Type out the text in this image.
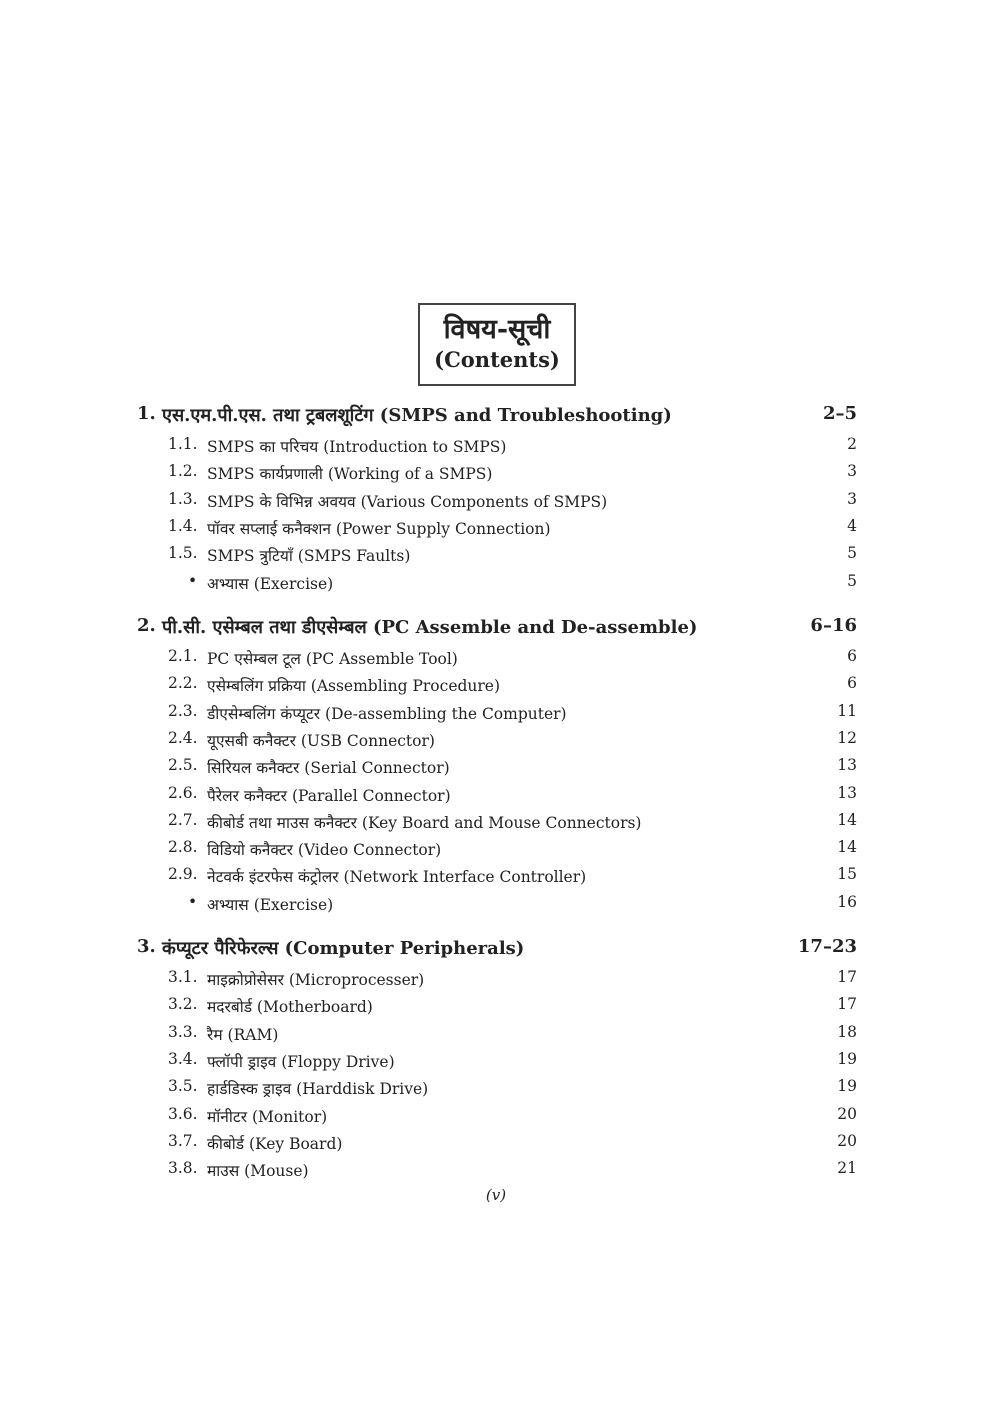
विषय-सूची
(Contents)
1. एस.एम.पी.एस. तथा ट्रबलशूटिंग (SMPS and Troubleshooting)	2–5
1.1. SMPS का परिचय (Introduction to SMPS)	2
1.2. SMPS कार्यप्रणाली (Working of a SMPS)	3
1.3. SMPS के विभिन्न अवयव (Various Components of SMPS)	3
1.4. पॉवर सप्लाई कनैक्शन (Power Supply Connection)	4
1.5. SMPS त्रुटियाँ (SMPS Faults)	5
• अभ्यास (Exercise)	5
2. पी.सी. एसेम्बल तथा डीएसेम्बल (PC Assemble and De-assemble)	6–16
2.1. PC एसेम्बल टूल (PC Assemble Tool)	6
2.2. एसेम्बलिंग प्रक्रिया (Assembling Procedure)	6
2.3. डीएसेम्बलिंग कंप्यूटर (De-assembling the Computer)	11
2.4. यूएसबी कनैक्टर (USB Connector)	12
2.5. सिरियल कनैक्टर (Serial Connector)	13
2.6. पैरेलर कनैक्टर (Parallel Connector)	13
2.7. कीबोर्ड तथा माउस कनैक्टर (Key Board and Mouse Connectors)	14
2.8. विडियो कनैक्टर (Video Connector)	14
2.9. नेटवर्क इंटरफेस कंट्रोलर (Network Interface Controller)	15
• अभ्यास (Exercise)	16
3. कंप्यूटर पैरिफेरल्स (Computer Peripherals)	17–23
3.1. माइक्रोप्रोसेसर (Microprocesser)	17
3.2. मदरबोर्ड (Motherboard)	17
3.3. रैम (RAM)	18
3.4. फ्लॉपी ड्राइव (Floppy Drive)	19
3.5. हार्डडिस्क ड्राइव (Harddisk Drive)	19
3.6. मॉनीटर (Monitor)	20
3.7. कीबोर्ड (Key Board)	20
3.8. माउस (Mouse)	21
(v)
